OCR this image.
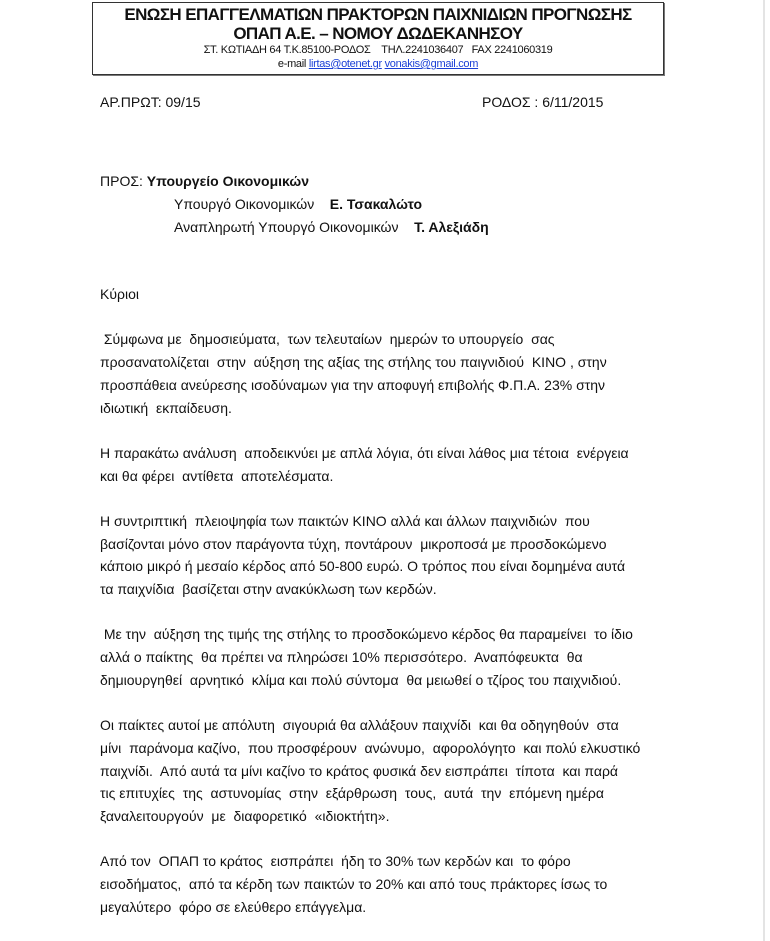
ΕΝΩΣΗ ΕΠΑΓΓΕΛΜΑΤΙΩΝ ΠΡΑΚΤΟΡΩΝ ΠΑΙΧΝΙΔΙΩΝ ΠΡΟΓΝΩΣΗΣ
ΟΠΑΠ Α.Ε. – ΝΟΜΟΥ ΔΩΔΕΚΑΝΗΣΟΥ
ΣΤ. ΚΩΤΙΑΔΗ 64 Τ.Κ.85100-ΡΟΔΟΣ ΤΗΛ.2241036407 FAX 2241060319
e-mail lirtas@otenet.gr vonakis@gmail.com
ΑΡ.ΠΡΩΤ: 09/15	ΡΟΔΟΣ : 6/11/2015
ΠΡΟΣ: Υπουργείο Οικονομικών
Υπουργό Οικονομικών Ε. Τσακαλώτο
Αναπληρωτή Υπουργό Οικονομικών Τ. Αλεξιάδη

Κύριοι

Σύμφωνα με  δημοσιεύματα,  των τελευταίων  ημερών το υπουργείο  σας

προσανατολίζεται  στην  αύξηση της αξίας της στήλης του παιγνιδιού  ΚΙΝΟ , στην

προσπάθεια ανεύρεσης ισοδύναμων για την αποφυγή επιβολής Φ.Π.Α. 23% στην

ιδιωτική  εκπαίδευση.

Η παρακάτω ανάλυση  αποδεικνύει με απλά λόγια, ότι είναι λάθος μια τέτοια  ενέργεια

και θα φέρει  αντίθετα  αποτελέσματα.

Η συντριπτική  πλειοψηφία των παικτών ΚΙΝΟ αλλά και άλλων παιχνιδιών  που

βασίζονται μόνο στον παράγοντα τύχη, ποντάρουν  μικροποσά με προσδοκώμενο

κάποιο μικρό ή μεσαίο κέρδος από 50-800 ευρώ. Ο τρόπος που είναι δομημένα αυτά

τα παιχνίδια  βασίζεται στην ανακύκλωση των κερδών.

Με την  αύξηση της τιμής της στήλης το προσδοκώμενο κέρδος θα παραμείνει  το ίδιο

αλλά ο παίκτης  θα πρέπει να πληρώσει 10% περισσότερο.  Αναπόφευκτα  θα

δημιουργηθεί  αρνητικό  κλίμα και πολύ σύντομα  θα μειωθεί ο τζίρος του παιχνιδιού.

Οι παίκτες αυτοί με απόλυτη  σιγουριά θα αλλάξουν παιχνίδι  και θα οδηγηθούν  στα

μίνι  παράνομα καζίνο,  που προσφέρουν  ανώνυμο,  αφορολόγητο  και πολύ ελκυστικό

παιχνίδι.  Από αυτά τα μίνι καζίνο το κράτος φυσικά δεν εισπράπει  τίποτα  και παρά

τις επιτυχίες  της  αστυνομίας  στην  εξάρθρωση  τους,  αυτά  την  επόμενη ημέρα

ξαναλειτουργούν  με  διαφορετικό  «ιδιοκτήτη».

Από τον  ΟΠΑΠ το κράτος  εισπράπει  ήδη το 30% των κερδών και  το φόρο

εισοδήματος,  από τα κέρδη των παικτών το 20% και από τους πράκτορες ίσως το

μεγαλύτερο  φόρο σε ελεύθερο επάγγελμα.
